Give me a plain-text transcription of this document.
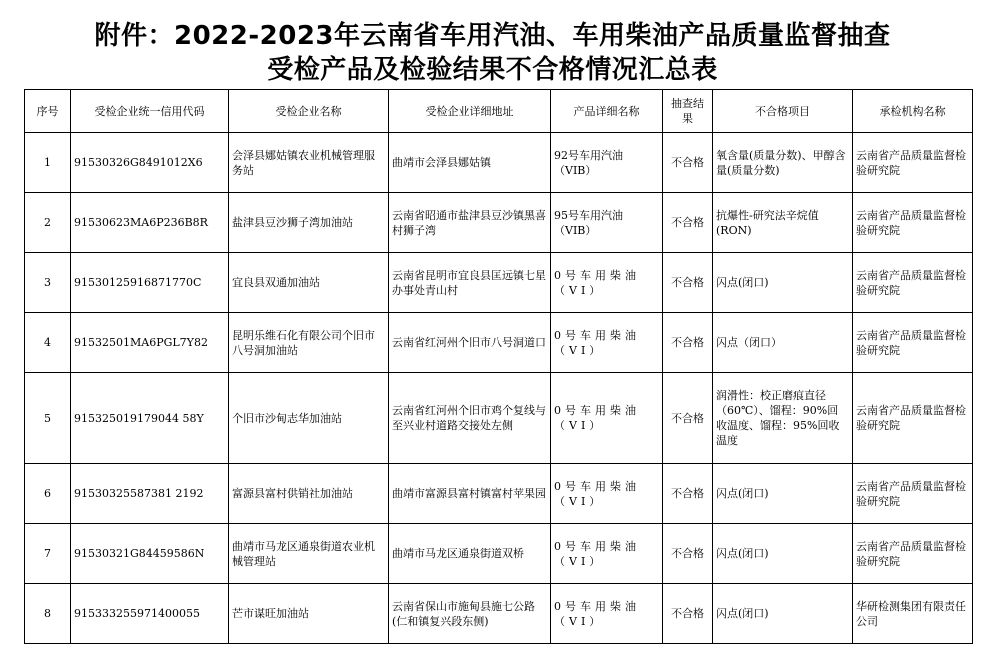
附件：2022-2023年云南省车用汽油、车用柴油产品质量监督抽查
受检产品及检验结果不合格情况汇总表
序号	受检企业统一信用代码	受检企业名称	受检企业详细地址	产品详细名称	抽查结果	不合格项目	承检机构名称
1	91530326G8491012X6	会泽县娜姑镇农业机械管理服务站	曲靖市会泽县娜姑镇	92号车用汽油（VIB）	不合格	氧含量(质量分数)、甲醇含量(质量分数)	云南省产品质量监督检验研究院
2	91530623MA6P236B8R	盐津县豆沙狮子湾加油站	云南省昭通市盐津县豆沙镇黑喜村狮子湾	95号车用汽油（VIB）	不合格	抗爆性-研究法辛烷值(RON)	云南省产品质量监督检验研究院
3	91530125916871770C	宜良县双通加油站	云南省昆明市宜良县匡远镇七星办事处青山村	0号车用柴油（VI）	不合格	闪点(闭口)	云南省产品质量监督检验研究院
4	91532501MA6PGL7Y82	昆明乐维石化有限公司个旧市八号洞加油站	云南省红河州个旧市八号洞道口	0号车用柴油（VI）	不合格	闪点（闭口）	云南省产品质量监督检验研究院
5	915325019179044 58Y	个旧市沙甸志华加油站	云南省红河州个旧市鸡个复线与至兴业村道路交接处左侧	0号车用柴油（VI）	不合格	润滑性：校正磨痕直径（60℃）、馏程：90%回收温度、馏程：95%回收温度	云南省产品质量监督检验研究院
6	91530325587381 2192	富源县富村供销社加油站	曲靖市富源县富村镇富村苹果园	0号车用柴油（VI）	不合格	闪点(闭口)	云南省产品质量监督检验研究院
7	91530321G84459586N	曲靖市马龙区通泉街道农业机械管理站	曲靖市马龙区通泉街道双桥	0号车用柴油（VI）	不合格	闪点(闭口)	云南省产品质量监督检验研究院
8	915333255971400055	芒市谋旺加油站	云南省保山市施甸县施七公路(仁和镇复兴段东侧)	0号车用柴油（VI）	不合格	闪点(闭口)	华研检测集团有限责任公司
